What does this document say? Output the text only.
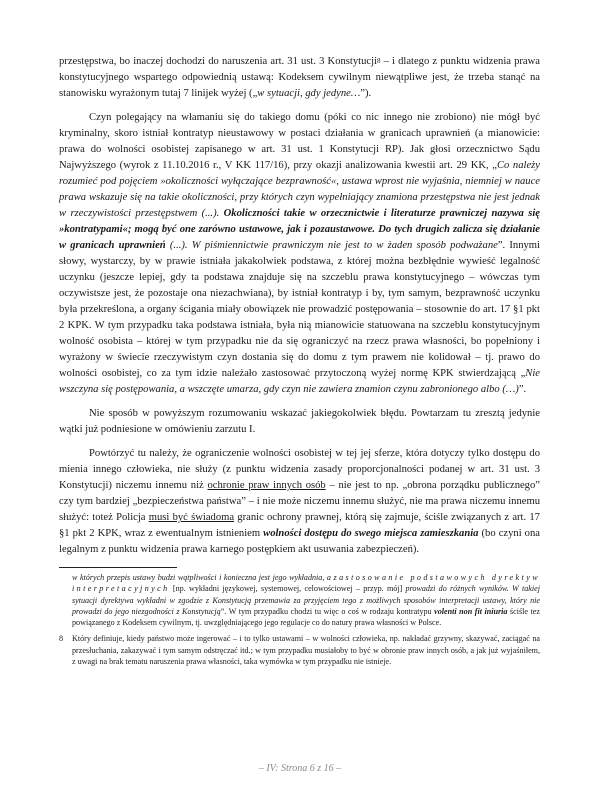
przestępstwa, bo inaczej dochodzi do naruszenia art. 31 ust. 3 Konstytucji$^8$ – i dlatego z punktu widzenia prawa konstytucyjnego wspartego odpowiednią ustawą: Kodeksem cywilnym niewątpliwe jest, że trzeba stanąć na stanowisku wyrażonym tutaj 7 linijek wyżej („w sytuacji, gdy jedyne…”).

Czyn polegający na włamaniu się do takiego domu (póki co nic innego nie zrobiono) nie mógł być kryminalny, skoro istniał kontratyp nieustawowy w postaci działania w granicach uprawnień (a mianowicie: prawa do wolności osobistej zapisanego w art. 31 ust. 1 Konstytucji RP). Jak głosi orzecznictwo Sądu Najwyższego (wyrok z 11.10.2016 r., V KK 117/16), przy okazji analizowania kwestii art. 29 KK, „Co należy rozumieć pod pojęciem »okoliczności wyłączające bezprawność«, ustawa wprost nie wyjaśnia, niemniej w nauce prawa wskazuje się na takie okoliczności, przy których czyn wypełniający znamiona przestępstwa nie jest jednak w rzeczywistości przestępstwem (...). Okoliczności takie w orzecznictwie i literaturze prawniczej nazywa się »kontratypami«; mogą być one zarówno ustawowe, jak i pozaustawowe. Do tych drugich zalicza się działanie w granicach uprawnień (...). W piśmiennictwie prawniczym nie jest to w żaden sposób podważane”. Innymi słowy, wystarczy, by w prawie istniała jakakolwiek podstawa, z której można bezbłędnie wywieść legalność uczynku (jeszcze lepiej, gdy ta podstawa znajduje się na szczeblu prawa konstytucyjnego – wówczas tym oczywistsze jest, że pozostaje ona niezachwiana), by istniał kontratyp i by, tym samym, bezprawność uczynku była przekreślona, a organy ścigania miały obowiązek nie prowadzić postępowania – stosownie do art. 17 §1 pkt 2 KPK. W tym przypadku taka podstawa istniała, była nią mianowicie statuowana na szczeblu konstytucyjnym wolność osobista – której w tym przypadku nie da się ograniczyć na rzecz prawa własności, bo popełniony i wyrażony w świecie rzeczywistym czyn dostania się do domu z tym prawem nie kolidował – tj. prawo do wolności osobistej, co za tym idzie należało zastosować przytoczoną wyżej normę KPK stwierdzającą „Nie wszczyna się postępowania, a wszczęte umarza, gdy czyn nie zawiera znamion czynu zabronionego albo (…)”.

Nie sposób w powyższym rozumowaniu wskazać jakiegokolwiek błędu. Powtarzam tu zresztą jedynie wątki już podniesione w omówieniu zarzutu I.

Powtórzyć tu należy, że ograniczenie wolności osobistej w tej jej sferze, która dotyczy tylko dostępu do mienia innego człowieka, nie służy (z punktu widzenia zasady proporcjonalności podanej w art. 31 ust. 3 Konstytucji) niczemu innemu niż ochronie praw innych osób – nie jest to np. „obrona porządku publicznego” czy tym bardziej „bezpieczeństwa państwa” – i nie może niczemu innemu służyć, nie ma prawa niczemu innemu służyć: toteż Policja musi być świadoma granic ochrony prawnej, którą się zajmuje, ściśle związanych z art. 17 §1 pkt 2 KPK, wraz z ewentualnym istnieniem wolności dostępu do swego miejsca zamieszkania (bo czyni ona legalnym z punktu widzenia prawa karnego postępkiem akt usuwania zabezpieczeń).

w których przepis ustawy budzi wątpliwości i konieczna jest jego wykładnia, a zastosowanie podstawowych dyrektyw interpretacyjnych [np. wykładni językowej, systemowej, celowościowej – przyp. mój] prowadzi do różnych wyników. W takiej sytuacji dyrektywa wykładni w zgodzie z Konstytucją przemawia za przyjęciem tego z możliwych sposobów interpretacji ustawy, który nie prowadzi do jego niezgodności z Konstytucją”. W tym przypadku chodzi tu więc o coś w rodzaju kontratypu volenti non fit iniuria ściśle tez powiązanego z Kodeksem cywilnym, tj. uwzględniającego jego regulacje co do natury prawa własności w Polsce.
8	Który definiuje, kiedy państwo może ingerować – i to tylko ustawami – w wolności człowieka, np. nakładać grzywny, skazywać, zaciągać na przesłuchania, zakazywać i tym samym odstręczać itd.; w tym przypadku musiałoby to być w obronie praw innych osób, a jak już wyjaśniłem, z uwagi na brak tematu naruszenia prawa własności, taka wymówka w tym przypadku nie istnieje.
– IV: Strona 6 z 16 –
